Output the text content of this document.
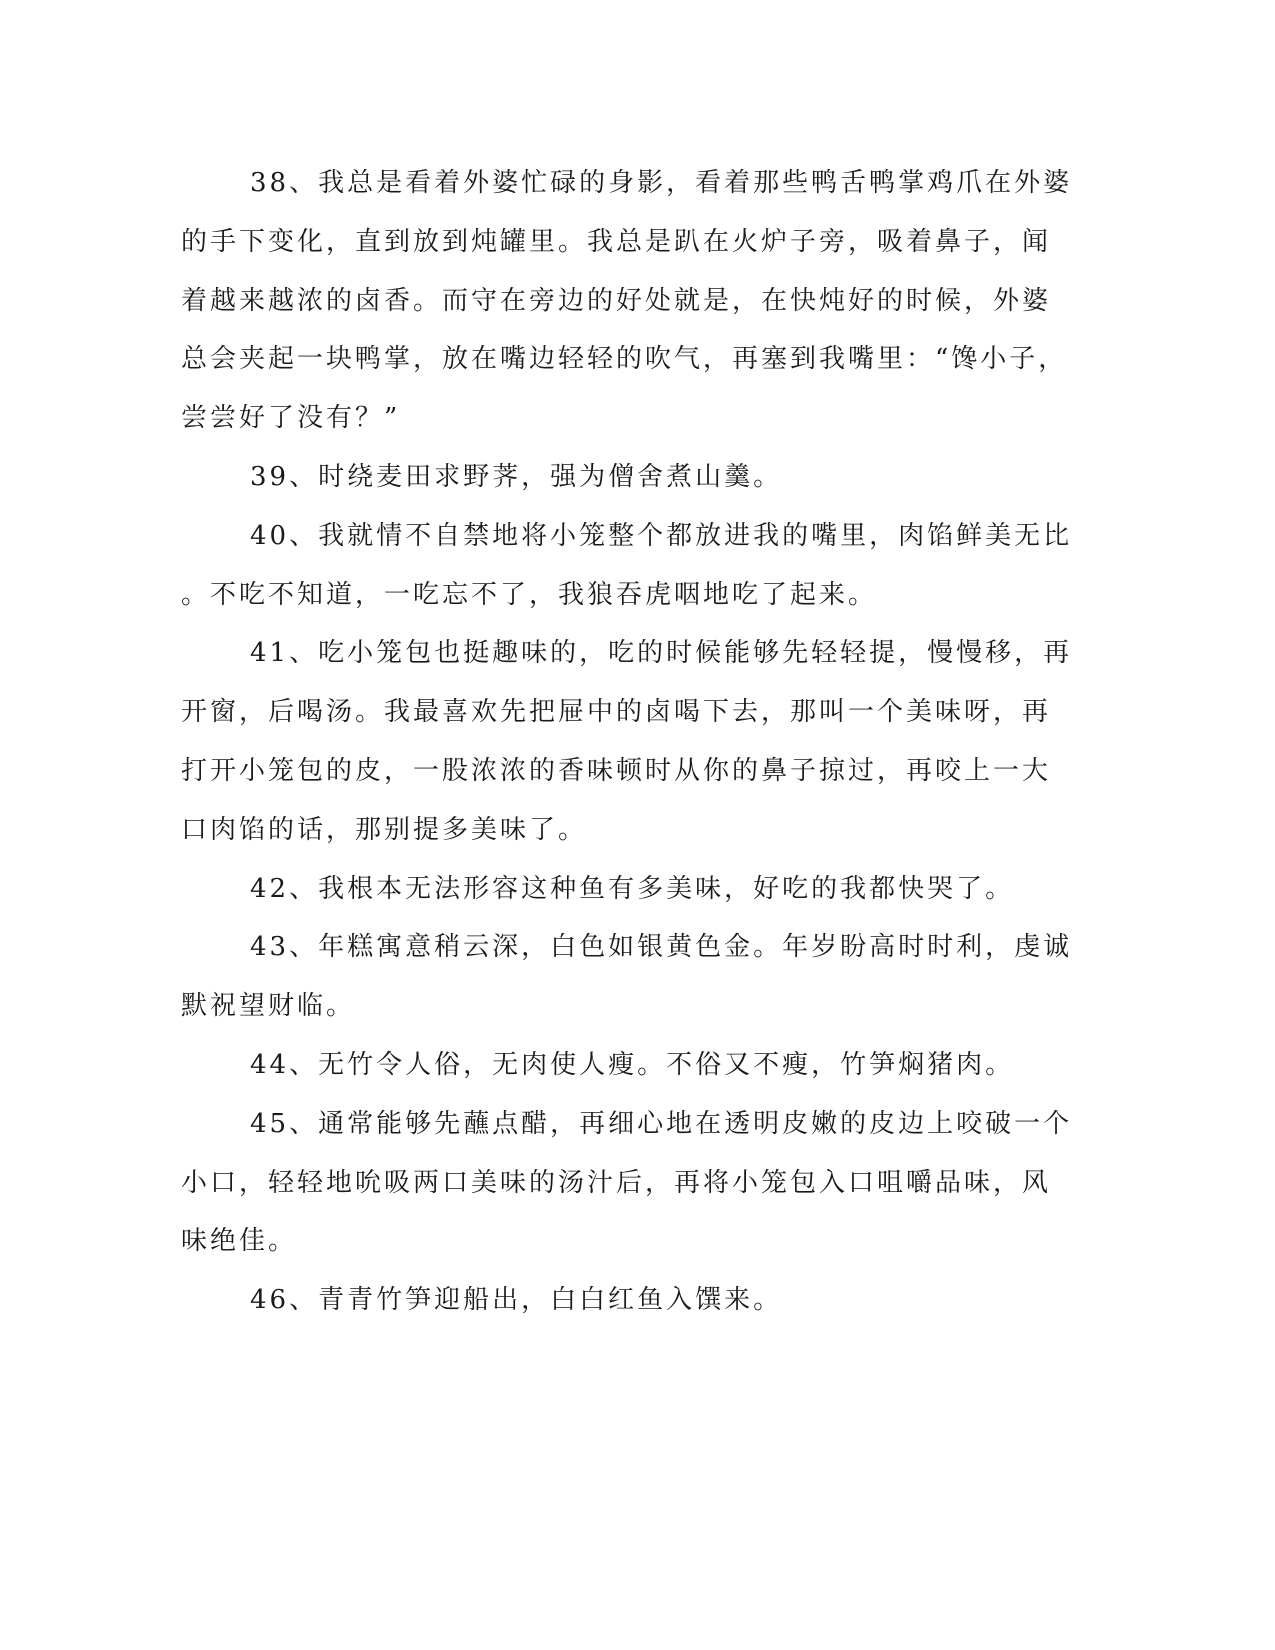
38、我总是看着外婆忙碌的身影，看着那些鸭舌鸭掌鸡爪在外婆
的手下变化，直到放到炖罐里。我总是趴在火炉子旁，吸着鼻子，闻
着越来越浓的卤香。而守在旁边的好处就是，在快炖好的时候，外婆
总会夹起一块鸭掌，放在嘴边轻轻的吹气，再塞到我嘴里：“馋小子，
尝尝好了没有？”
39、时绕麦田求野荠，强为僧舍煮山羹。
40、我就情不自禁地将小笼整个都放进我的嘴里，肉馅鲜美无比
。不吃不知道，一吃忘不了，我狼吞虎咽地吃了起来。
41、吃小笼包也挺趣味的，吃的时候能够先轻轻提，慢慢移，再
开窗，后喝汤。我最喜欢先把屉中的卤喝下去，那叫一个美味呀，再
打开小笼包的皮，一股浓浓的香味顿时从你的鼻子掠过，再咬上一大
口肉馅的话，那别提多美味了。
42、我根本无法形容这种鱼有多美味，好吃的我都快哭了。
43、年糕寓意稍云深，白色如银黄色金。年岁盼高时时利，虔诚
默祝望财临。
44、无竹令人俗，无肉使人瘦。不俗又不瘦，竹笋焖猪肉。
45、通常能够先蘸点醋，再细心地在透明皮嫩的皮边上咬破一个
小口，轻轻地吮吸两口美味的汤汁后，再将小笼包入口咀嚼品味，风
味绝佳。
46、青青竹笋迎船出，白白红鱼入馔来。
